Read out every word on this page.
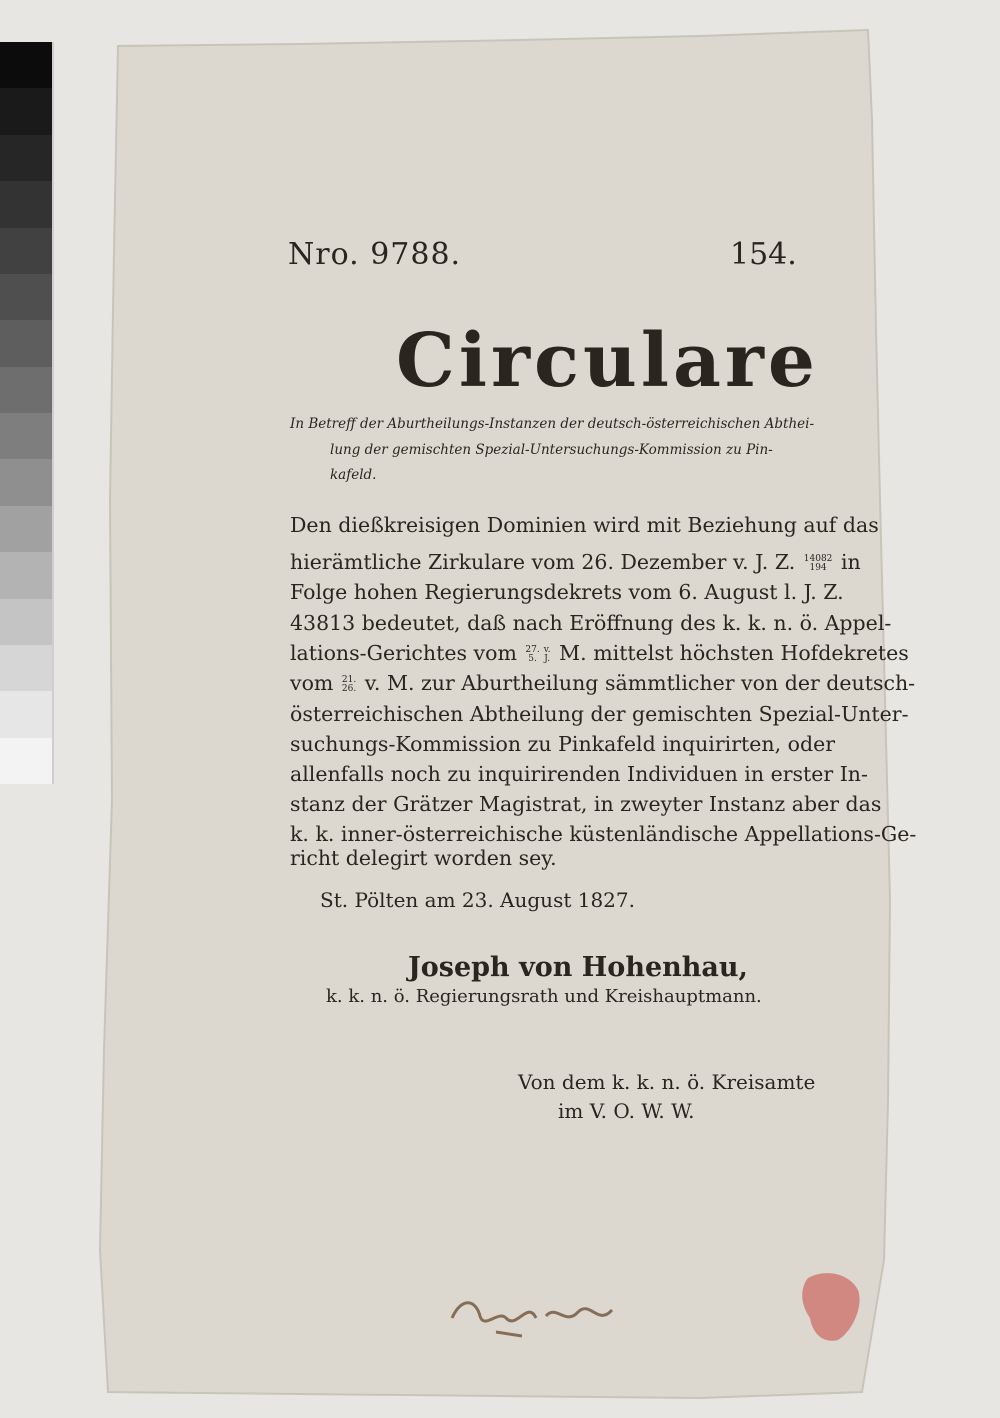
Nro. 9788.	154.
Circulare
In Betreff der Aburtheilungs-Instanzen der deutsch-österreichischen Abthei-
lung der gemischten Spezial-Untersuchungs-Kommission zu Pin-
kafeld.
Den dießkreisigen Dominien wird mit Beziehung auf das
hierämtliche Zirkulare vom 26. Dezember v. J. Z. 14082
194 in
Folge hohen Regierungsdekrets vom 6. August l. J. Z.
43813 bedeutet, daß nach Eröffnung des k. k. n. ö. Appel-
lations-Gerichtes vom 27.
5.
v.
J. M. mittelst höchsten Hofdekretes
vom 21.
26. v. M. zur Aburtheilung sämmtlicher von der deutsch-
österreichischen Abtheilung der gemischten Spezial-Unter-
suchungs-Kommission zu Pinkafeld inquirirten, oder
allenfalls noch zu inquirirenden Individuen in erster In-
stanz der Grätzer Magistrat, in zweyter Instanz aber das
k. k. inner-österreichische küstenländische Appellations-Ge-
richt delegirt worden sey.
St. Pölten am 23. August 1827.
Joseph von Hohenhau,
k. k. n. ö. Regierungsrath und Kreishauptmann.
Von dem k. k. n. ö. Kreisamte
im V. O. W. W.
